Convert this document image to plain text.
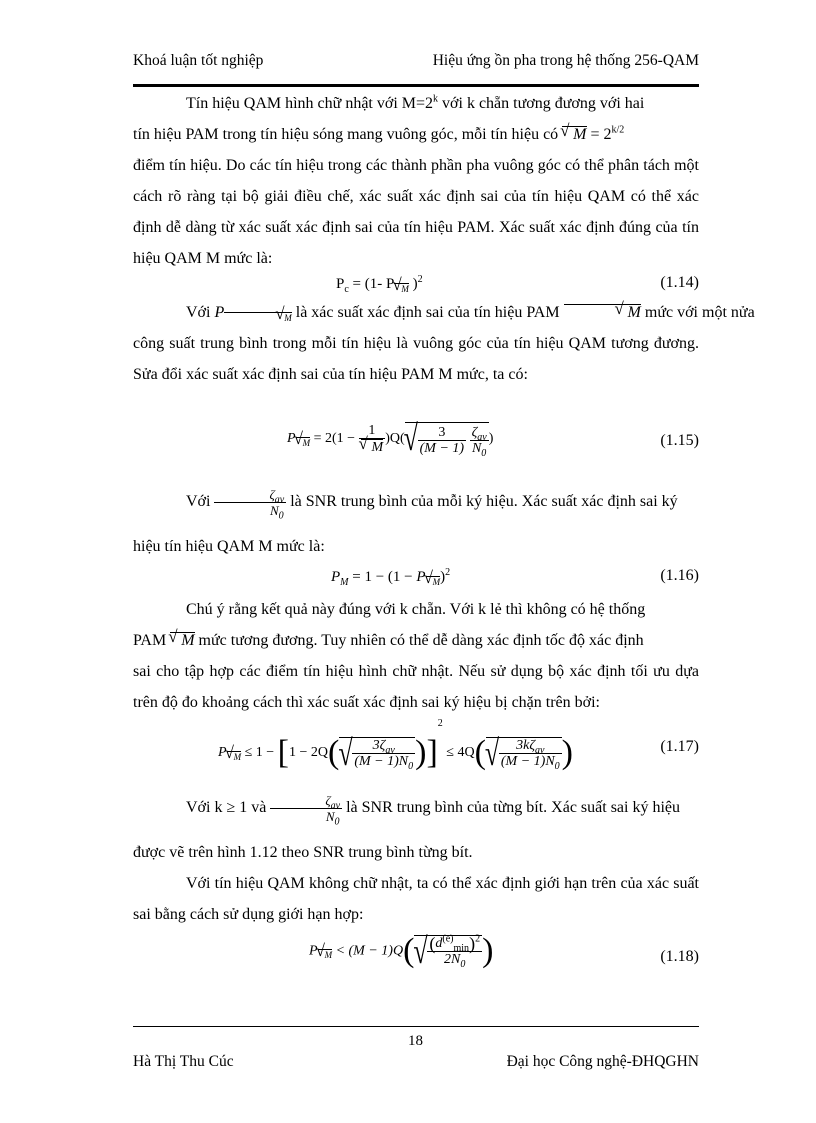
Khoá luận tốt nghiệp	Hiệu ứng ồn pha trong hệ thống 256-QAM
Tín hiệu QAM hình chữ nhật với $M=2^k$ với k chẵn tương đương với hai
tín hiệu PAM trong tín hiệu sóng mang vuông góc, mỗi tín hiệu có √ $M = 2^{k/2}$
điểm tín hiệu. Do các tín hiệu trong các thành phần pha vuông góc có thể phân tách một cách rõ ràng tại bộ giải điều chế, xác suất xác định sai của tín hiệu QAM có thể xác định dễ dàng từ xác suất xác định sai của tín hiệu PAM. Xác suất xác định đúng của tín hiệu QAM M mức là:
$P_c = (1-$ P√ $_M$ )$^2$	(1.14)
Với P√	$_M$ là xác suất xác định sai của tín hiệu PAM √	M mức với một nửa
công suất trung bình trong mỗi tín hiệu là vuông góc của tín hiệu QAM tương đương. Sửa đổi xác suất xác định sai của tín hiệu PAM M mức, ta có:
P√ $_M$ = 2(1 − 1
√ M )Q(
√ $\frac{3}{(M - 1)}$
$\zeta_{av}$
$N_0$
)	(1.15)
Với	$\zeta_{av}$
$N_0$
là SNR trung bình của mỗi ký hiệu. Xác suất xác định sai ký
hiệu tín hiệu QAM M mức là:
$P_M = 1 - (1 - P√$ $_M$)$^2$	(1.16)
Chú ý rằng kết quả này đúng với k chẵn. Với k lẻ thì không có hệ thống
PAM √ M mức tương đương. Tuy nhiên có thể dễ dàng xác định tốc độ xác định
sai cho tập hợp các điểm tín hiệu hình chữ nhật. Nếu sử dụng bộ xác định tối ưu dựa trên độ đo khoảng cách thì xác suất xác định sai ký hiệu bị chặn trên bởi:
P√ $_M$ ≤ 1 − [1 − 2Q(
√	$3\zeta_{av}$
$(M - 1)N_0$ )]$^2$ ≤ 4Q(
√	$3k\zeta_{av}$
$(M - 1)N_0$ )	(1.17)
Với k ≥ 1 và	$\zeta_{av}$
$N_0$
là SNR trung bình của từng bít. Xác suất sai ký hiệu
được vẽ trên hình 1.12 theo SNR trung bình từng bít.
Với tín hiệu QAM không chữ nhật, ta có thể xác định giới hạn trên của xác suất sai bằng cách sử dụng giới hạn hợp:
P√ $_M$ < (M − 1)Q(
√ $(d^{(e)}_{min})^2$
$2N_0$ )	(1.18)
18
Hà Thị Thu Cúc	Đại học Công nghệ-ĐHQGHN
